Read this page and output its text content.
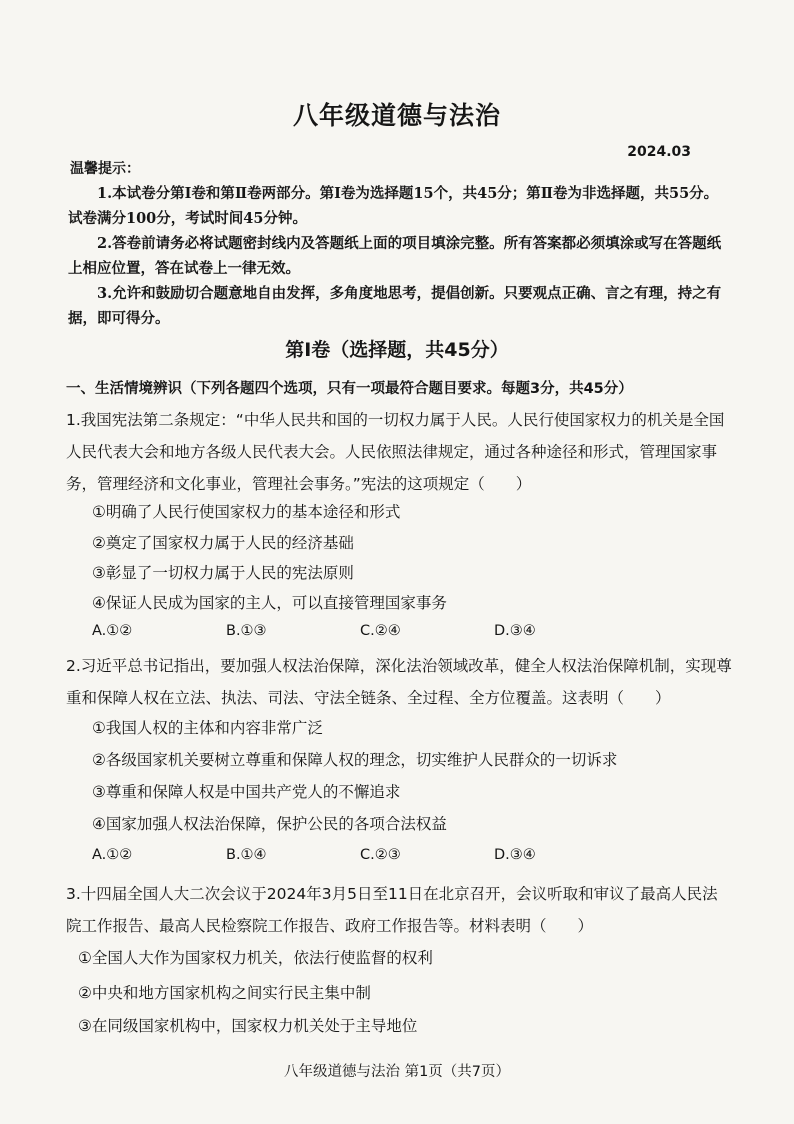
八年级道德与法治
2024.03
温馨提示：
1.本试卷分第Ⅰ卷和第Ⅱ卷两部分。第Ⅰ卷为选择题15个，共45分；第Ⅱ卷为非选择题，共55分。试卷满分100分，考试时间45分钟。
2.答卷前请务必将试题密封线内及答题纸上面的项目填涂完整。所有答案都必须填涂或写在答题纸上相应位置，答在试卷上一律无效。
3.允许和鼓励切合题意地自由发挥，多角度地思考，提倡创新。只要观点正确、言之有理，持之有据，即可得分。
第Ⅰ卷（选择题，共45分）
一、生活情境辨识（下列各题四个选项，只有一项最符合题目要求。每题3分，共45分）
1.我国宪法第二条规定：“中华人民共和国的一切权力属于人民。人民行使国家权力的机关是全国人民代表大会和地方各级人民代表大会。人民依照法律规定，通过各种途径和形式，管理国家事务，管理经济和文化事业，管理社会事务。”宪法的这项规定（　　）
①明确了人民行使国家权力的基本途径和形式
②奠定了国家权力属于人民的经济基础
③彰显了一切权力属于人民的宪法原则
④保证人民成为国家的主人，可以直接管理国家事务
A.①②	B.①③	C.②④	D.③④
2.习近平总书记指出，要加强人权法治保障，深化法治领域改革，健全人权法治保障机制，实现尊重和保障人权在立法、执法、司法、守法全链条、全过程、全方位覆盖。这表明（　　）
①我国人权的主体和内容非常广泛
②各级国家机关要树立尊重和保障人权的理念，切实维护人民群众的一切诉求
③尊重和保障人权是中国共产党人的不懈追求
④国家加强人权法治保障，保护公民的各项合法权益
A.①②	B.①④	C.②③	D.③④
3.十四届全国人大二次会议于2024年3月5日至11日在北京召开，会议听取和审议了最高人民法院工作报告、最高人民检察院工作报告、政府工作报告等。材料表明（　　）
①全国人大作为国家权力机关，依法行使监督的权利
②中央和地方国家机构之间实行民主集中制
③在同级国家机构中，国家权力机关处于主导地位
八年级道德与法治 第1页（共7页）
